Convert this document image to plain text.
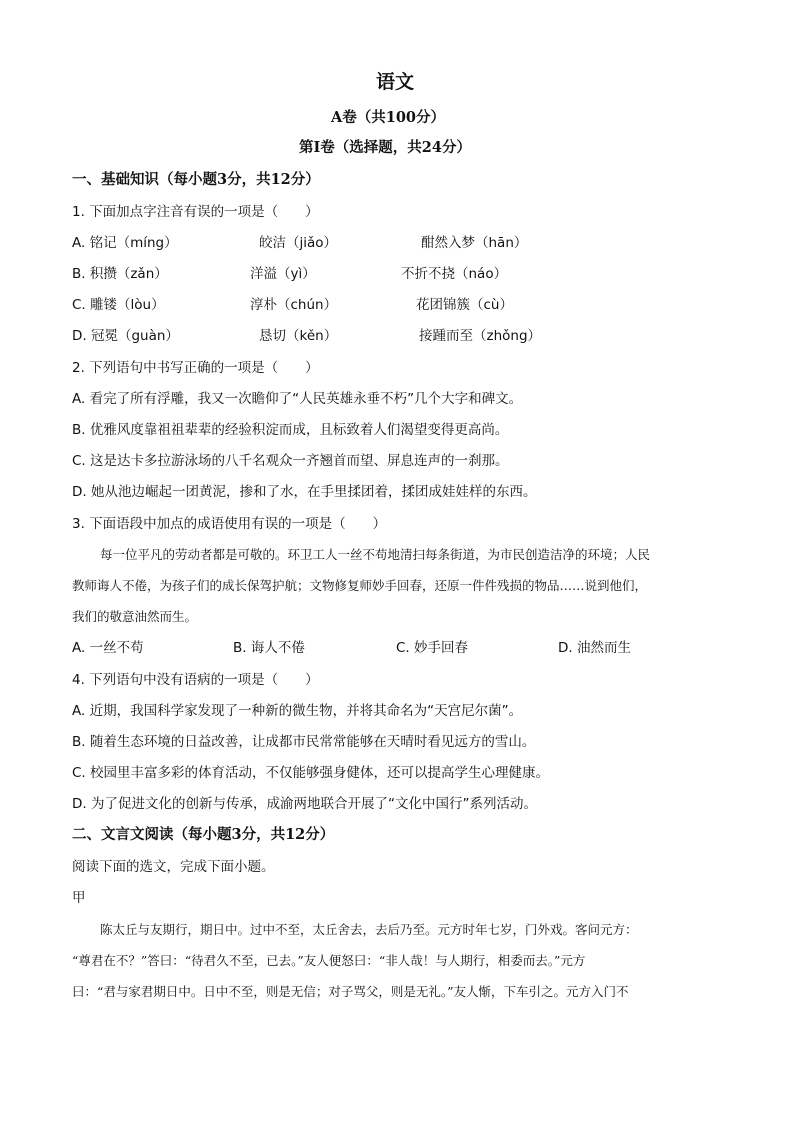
语文
A卷（共100分）
第Ⅰ卷（选择题，共24分）
一、基础知识（每小题3分，共12分）
1. 下面加点字注音有误的一项是（　　）
A. 铭记（míng）	皎洁（jiǎo）	酣然入梦（hān）
B. 积攒（zǎn）	洋溢（yì）	不折不挠（náo）
C. 雕镂（lòu）	淳朴（chún）	花团锦簇（cù）
D. 冠冕（guàn）	恳切（kěn）	接踵而至（zhǒng）
2. 下列语句中书写正确的一项是（　　）
A. 看完了所有浮雕，我又一次瞻仰了“人民英雄永垂不朽”几个大字和碑文。
B. 优雅风度靠祖祖辈辈的经验积淀而成，且标致着人们渴望变得更高尚。
C. 这是达卡多拉游泳场的八千名观众一齐翘首而望、屏息连声的一刹那。
D. 她从池边崛起一团黄泥，掺和了水，在手里揉团着，揉团成娃娃样的东西。
3. 下面语段中加点的成语使用有误的一项是（　　）
每一位平凡的劳动者都是可敬的。环卫工人一丝不苟地清扫每条街道，为市民创造洁净的环境；人民
教师诲人不倦，为孩子们的成长保驾护航；文物修复师妙手回春，还原一件件残损的物品……说到他们，
我们的敬意油然而生。
A. 一丝不苟	B. 诲人不倦	C. 妙手回春	D. 油然而生
4. 下列语句中没有语病的一项是（　　）
A. 近期，我国科学家发现了一种新的微生物，并将其命名为“天宫尼尔菌”。
B. 随着生态环境的日益改善，让成都市民常常能够在天晴时看见远方的雪山。
C. 校园里丰富多彩的体育活动，不仅能够强身健体，还可以提高学生心理健康。
D. 为了促进文化的创新与传承，成渝两地联合开展了“文化中国行”系列活动。
二、文言文阅读（每小题3分，共12分）
阅读下面的选文，完成下面小题。
甲
陈太丘与友期行，期日中。过中不至，太丘舍去，去后乃至。元方时年七岁，门外戏。客问元方：
“尊君在不？”答曰：“待君久不至，已去。”友人便怒曰：“非人哉！与人期行，相委而去。”元方
曰：“君与家君期日中。日中不至，则是无信；对子骂父，则是无礼。”友人惭，下车引之。元方入门不
